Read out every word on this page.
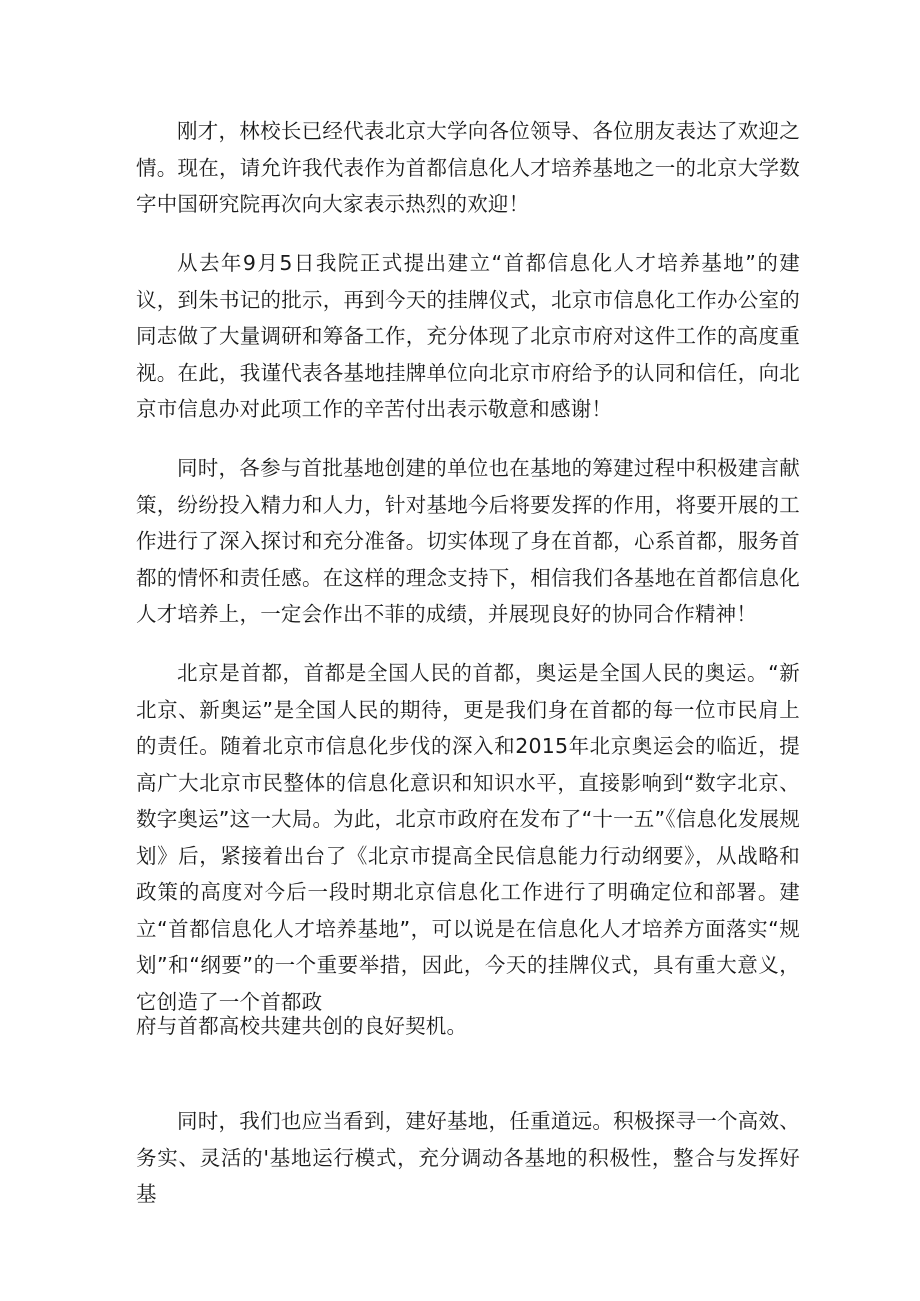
刚才，林校长已经代表北京大学向各位领导、各位朋友表达了欢迎之情。现在，请允许我代表作为首都信息化人才培养基地之一的北京大学数字中国研究院再次向大家表示热烈的欢迎！

从去年9月5日我院正式提出建立“首都信息化人才培养基地”的建议，到朱书记的批示，再到今天的挂牌仪式，北京市信息化工作办公室的同志做了大量调研和筹备工作，充分体现了北京市府对这件工作的高度重视。在此，我谨代表各基地挂牌单位向北京市府给予的认同和信任，向北京市信息办对此项工作的辛苦付出表示敬意和感谢！

同时，各参与首批基地创建的单位也在基地的筹建过程中积极建言献策，纷纷投入精力和人力，针对基地今后将要发挥的作用，将要开展的工作进行了深入探讨和充分准备。切实体现了身在首都，心系首都，服务首都的情怀和责任感。在这样的理念支持下，相信我们各基地在首都信息化人才培养上，一定会作出不菲的成绩，并展现良好的协同合作精神！

北京是首都，首都是全国人民的首都，奥运是全国人民的奥运。“新北京、新奥运”是全国人民的期待，更是我们身在首都的每一位市民肩上的责任。随着北京市信息化步伐的深入和2015年北京奥运会的临近，提高广大北京市民整体的信息化意识和知识水平，直接影响到“数字北京、数字奥运”这一大局。为此，北京市政府在发布了“十一五”《信息化发展规划》后，紧接着出台了《北京市提高全民信息能力行动纲要》，从战略和政策的高度对今后一段时期北京信息化工作进行了明确定位和部署。建立“首都信息化人才培养基地”，可以说是在信息化人才培养方面落实“规划”和“纲要”的一个重要举措，因此，今天的挂牌仪式，具有重大意义，它创造了一个首都政

府与首都高校共建共创的良好契机。

同时，我们也应当看到，建好基地，任重道远。积极探寻一个高效、务实、灵活的'基地运行模式，充分调动各基地的积极性，整合与发挥好基
